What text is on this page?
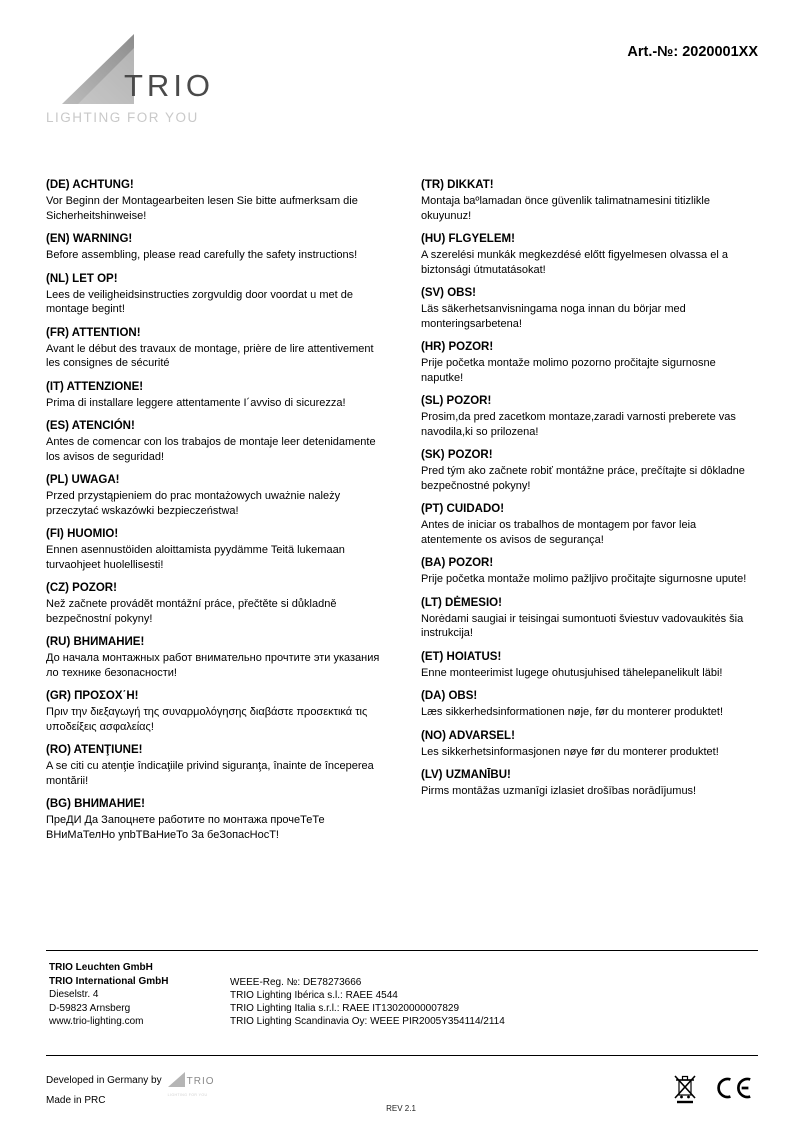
TRIO
LIGHTING FOR YOU
Art.-№: 2020001XX
(DE) ACHTUNG!

Vor Beginn der Montagearbeiten lesen Sie bitte aufmerksam die Sicherheitshinweise!

(EN) WARNING!

Before assembling, please read carefully the safety instructions!

(NL) LET OP!

Lees de veiligheidsinstructies zorgvuldig door voordat u met de montage begint!

(FR) ATTENTION!

Avant le début des travaux de montage, prière de lire attentivement les consignes de sécurité

(IT) ATTENZIONE!

Prima di installare leggere attentamente I´avviso di sicurezza!

(ES) ATENCIÓN!

Antes de comencar con los trabajos de montaje leer detenidamente los avisos de seguridad!

(PL) UWAGA!

Przed przystąpieniem do prac montażowych uważnie należy przeczytać wskazówki bezpieczeństwa!

(FI) HUOMIO!

Ennen asennustöiden aloittamista pyydämme Teitä lukemaan turvaohjeet huolellisesti!

(CZ) POZOR!

Než začnete provádět montážní práce, přečtěte si důkladně bezpečnostní pokyny!

(RU) ВНИМАНИЕ!

До начала монтажных работ внимательно прочтите эти указания ло технике безопасности!

(GR) ΠΡΟΣΟΧ΄Η!

Πριν την διεξαγωγή της συναρμολόγησης διαβάστε προσεκτικά τις υποδείξεις ασφαλείας!

(RO) ATENŢIUNE!

A se citi cu atenţie îndicaţiile privind siguranţa, înainte de începerea montării!

(BG) ВНИМАНИЕ!

ПреДИ Да Запоцнете работите по монтажа прочеТеТе ВНиМаТелНо упbТВаНиеТо За беЗопасНосТ!

(TR) DIKKAT!

Montaja baºlamadan önce güvenlik talimatnamesini titizlikle okuyunuz!

(HU) FLGYELEM!

A szerelési munkák megkezdésé előtt figyelmesen olvassa el a biztonsági útmutatásokat!

(SV) OBS!

Läs säkerhetsanvisningama noga innan du börjar med monteringsarbetena!

(HR) POZOR!

Prije početka montaže molimo pozorno pročitajte sigurnosne naputke!

(SL) POZOR!

Prosim,da pred zacetkom montaze,zaradi varnosti preberete vas navodila,ki so prilozena!

(SK) POZOR!

Pred tým ako začnete robiť montážne práce, prečítajte si dôkladne bezpečnostné pokyny!

(PT) CUIDADO!

Antes de iniciar os trabalhos de montagem por favor leia atentemente os avisos de segurança!

(BA) POZOR!

Prije početka montaže molimo pažljivo pročitajte sigurnosne upute!

(LT) DĖMESIO!

Norėdami saugiai ir teisingai sumontuoti šviestuv vadovaukitės šia instrukcija!

(ET) HOIATUS!

Enne monteerimist lugege ohutusjuhised tähelepanelikult läbi!

(DA) OBS!

Læs sikkerhedsinformationen nøje, før du monterer produktet!

(NO) ADVARSEL!

Les sikkerhetsinformasjonen nøye før du monterer produktet!

(LV) UZMANĪBU!

Pirms montāžas uzmanīgi izlasiet drošības norādījumus!

TRIO Leuchten GmbH
TRIO International GmbH
Dieselstr. 4
D-59823 Arnsberg
www.trio-lighting.com
WEEE-Reg. №: DE78273666
TRIO Lighting Ibérica s.l.: RAEE 4544
TRIO Lighting Italia s.r.l.: RAEE IT13020000007829
TRIO Lighting Scandinavia Oy: WEEE PIR2005Y354114/2114
Developed in Germany by	TRIO
LIGHTING FOR YOU
Made in PRC
REV 2.1
